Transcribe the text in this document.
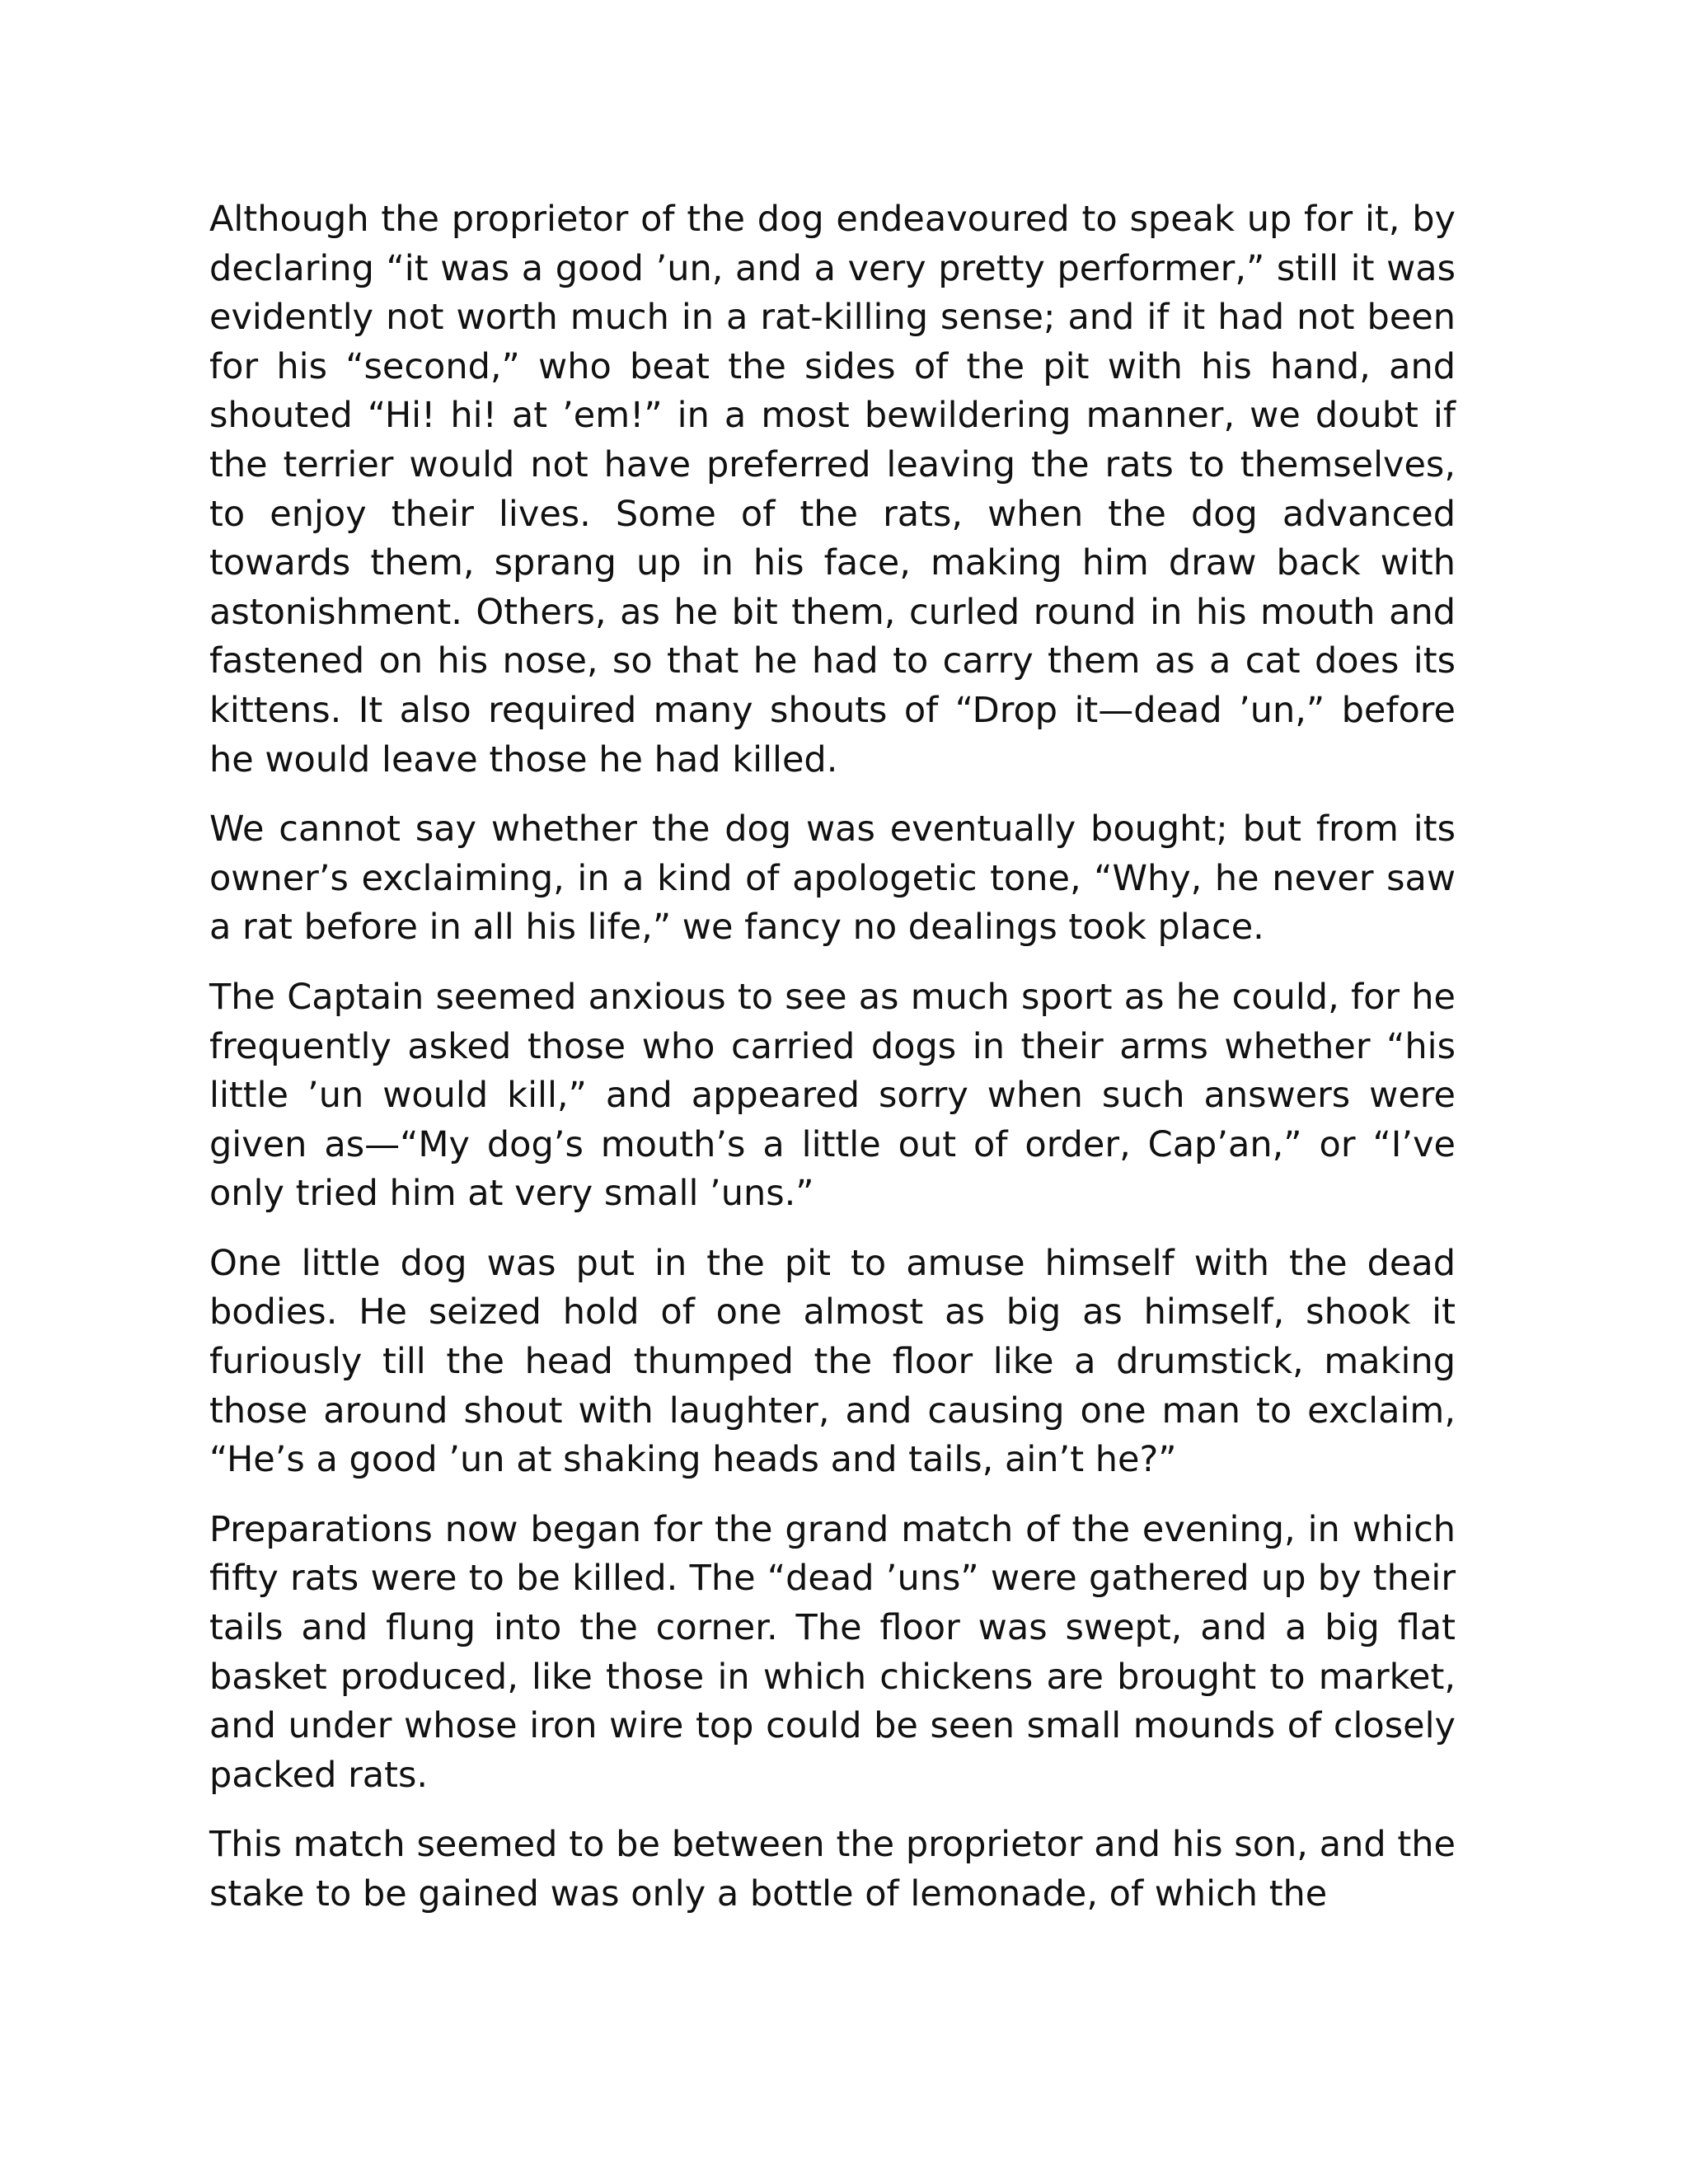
Although the proprietor of the dog endeavoured to speak up for it, by declaring “it was a good ’un, and a very pretty performer,” still it was evidently not worth much in a rat-killing sense; and if it had not been for his “second,” who beat the sides of the pit with his hand, and shouted “Hi! hi! at ’em!” in a most bewildering manner, we doubt if the terrier would not have preferred leaving the rats to themselves, to enjoy their lives. Some of the rats, when the dog advanced towards them, sprang up in his face, making him draw back with astonishment. Others, as he bit them, curled round in his mouth and fastened on his nose, so that he had to carry them as a cat does its kittens. It also required many shouts of “Drop it—dead ’un,” before he would leave those he had killed.

We cannot say whether the dog was eventually bought; but from its owner’s exclaiming, in a kind of apologetic tone, “Why, he never saw a rat before in all his life,” we fancy no dealings took place.

The Captain seemed anxious to see as much sport as he could, for he frequently asked those who carried dogs in their arms whether “his little ’un would kill,” and appeared sorry when such answers were given as—“My dog’s mouth’s a little out of order, Cap’an,” or “I’ve only tried him at very small ’uns.”

One little dog was put in the pit to amuse himself with the dead bodies. He seized hold of one almost as big as himself, shook it furiously till the head thumped the floor like a drumstick, making those around shout with laughter, and causing one man to exclaim, “He’s a good ’un at shaking heads and tails, ain’t he?”

Preparations now began for the grand match of the evening, in which fifty rats were to be killed. The “dead ’uns” were gathered up by their tails and flung into the corner. The floor was swept, and a big flat basket produced, like those in which chickens are brought to market, and under whose iron wire top could be seen small mounds of closely packed rats.

This match seemed to be between the proprietor and his son, and the stake to be gained was only a bottle of lemonade, of which the
